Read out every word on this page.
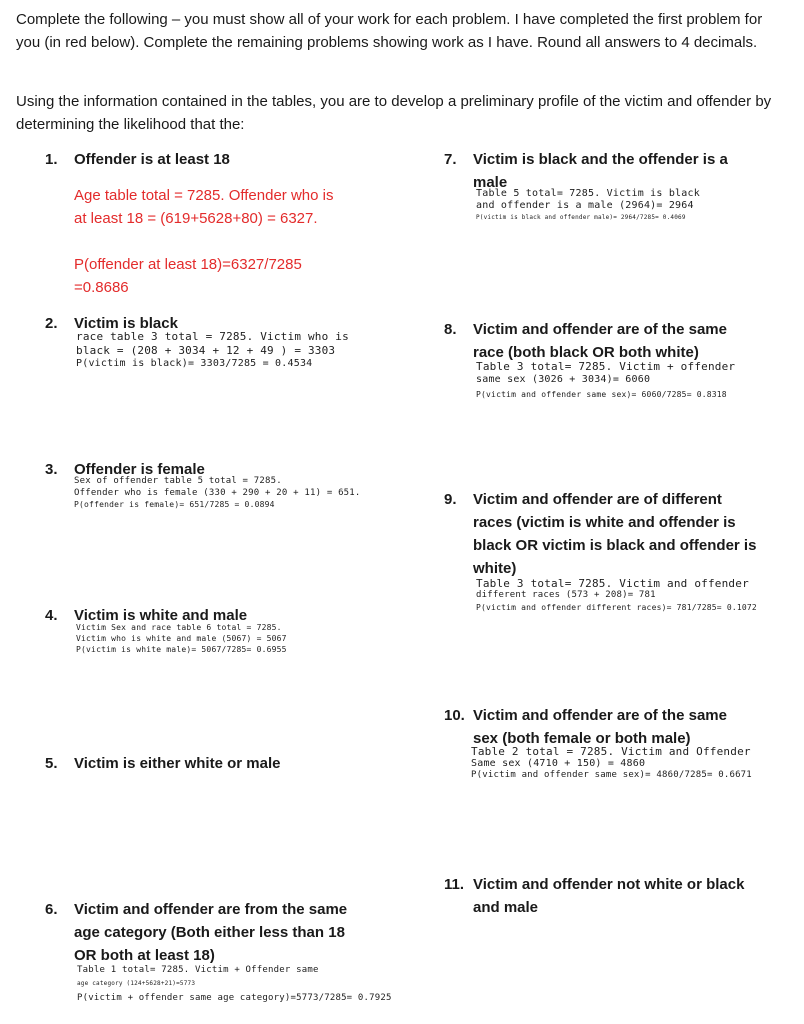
Complete the following – you must show all of your work for each problem. I have completed the first problem for you (in red below). Complete the remaining problems showing work as I have. Round all answers to 4 decimals.

Using the information contained in the tables, you are to develop a preliminary profile of the victim and offender by determining the likelihood that the:

1. Offender is at least 18
Age table total = 7285. Offender who is
at least 18 = (619+5628+80) = 6327.
P(offender at least 18)=6327/7285
=0.8686
2. Victim is black
race table 3 total = 7285. Victim who is
black = (208 + 3034 + 12 + 49 ) = 3303
P(victim is black)= 3303/7285 = 0.4534
3. Offender is female
Sex of offender table 5 total = 7285.
Offender who is female (330 + 290 + 20 + 11) = 651.
P(offender is female)= 651/7285 = 0.0894
4. Victim is white and male
Victim Sex and race table 6 total = 7285.
Victim who is white and male (5067) = 5067
P(victim is white male)= 5067/7285= 0.6955
5. Victim is either white or male
6. Victim and offender are from the same
age category (Both either less than 18
OR both at least 18)
Table 1 total= 7285. Victim + Offender same
age category (124+5628+21)=5773
P(victim + offender same age category)=5773/7285= 0.7925
7. Victim is black and the offender is a
male
Table 5 total= 7285. Victim is black
and offender is a male (2964)= 2964
P(victim is black and offender male)= 2964/7285= 0.4069
8. Victim and offender are of the same
race (both black OR both white)
Table 3 total= 7285. Victim + offender
same sex (3026 + 3034)= 6060
P(victim and offender same sex)= 6060/7285= 0.8318
9. Victim and offender are of different
races (victim is white and offender is
black OR victim is black and offender is
white)
Table 3 total= 7285. Victim and offender
different races (573 + 208)= 781
P(victim and offender different races)= 781/7285= 0.1072
10. Victim and offender are of the same
sex (both female or both male)
Table 2 total = 7285. Victim and Offender
Same sex (4710 + 150) = 4860
P(victim and offender same sex)= 4860/7285= 0.6671
11. Victim and offender not white or black
and male
